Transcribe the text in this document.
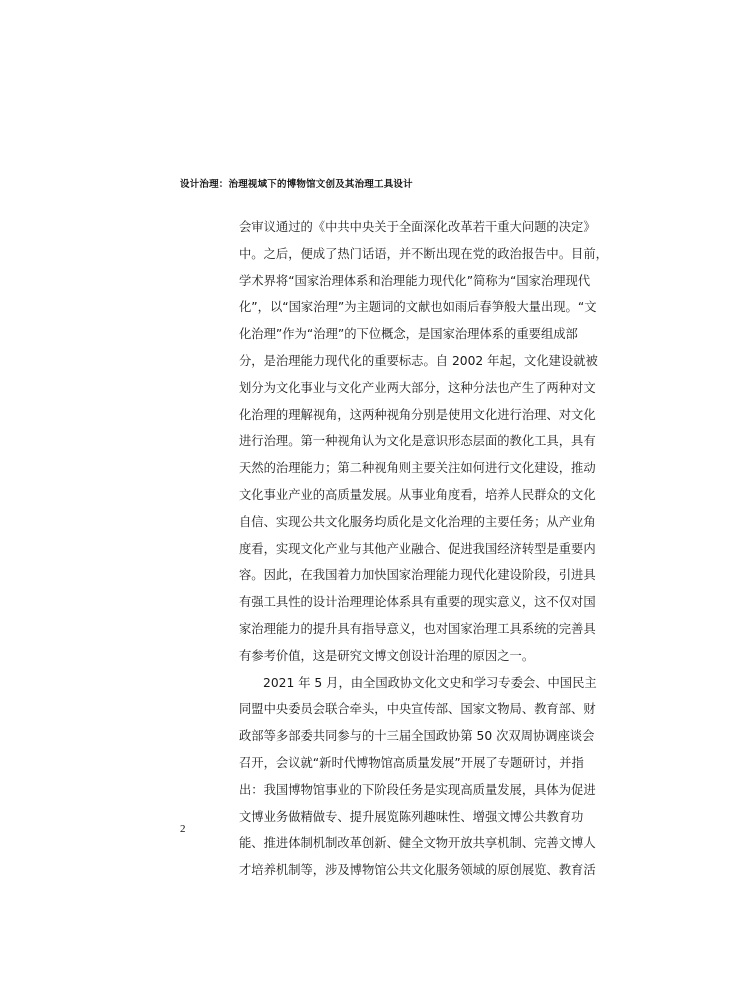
设计治理：治理视域下的博物馆文创及其治理工具设计
会审议通过的《中共中央关于全面深化改革若干重大问题的决定》
中。之后，便成了热门话语，并不断出现在党的政治报告中。目前，
学术界将“国家治理体系和治理能力现代化”简称为“国家治理现代
化”，以“国家治理”为主题词的文献也如雨后春笋般大量出现。“文
化治理”作为“治理”的下位概念，是国家治理体系的重要组成部
分，是治理能力现代化的重要标志。自 2002 年起，文化建设就被
划分为文化事业与文化产业两大部分，这种分法也产生了两种对文
化治理的理解视角，这两种视角分别是使用文化进行治理、对文化
进行治理。第一种视角认为文化是意识形态层面的教化工具，具有
天然的治理能力；第二种视角则主要关注如何进行文化建设，推动
文化事业产业的高质量发展。从事业角度看，培养人民群众的文化
自信、实现公共文化服务均质化是文化治理的主要任务；从产业角
度看，实现文化产业与其他产业融合、促进我国经济转型是重要内
容。因此，在我国着力加快国家治理能力现代化建设阶段，引进具
有强工具性的设计治理理论体系具有重要的现实意义，这不仅对国
家治理能力的提升具有指导意义，也对国家治理工具系统的完善具
有参考价值，这是研究文博文创设计治理的原因之一。
2021 年 5 月，由全国政协文化文史和学习专委会、中国民主
同盟中央委员会联合牵头，中央宣传部、国家文物局、教育部、财
政部等多部委共同参与的十三届全国政协第 50 次双周协调座谈会
召开，会议就“新时代博物馆高质量发展”开展了专题研讨，并指
出：我国博物馆事业的下阶段任务是实现高质量发展，具体为促进
文博业务做精做专、提升展览陈列趣味性、增强文博公共教育功
能、推进体制机制改革创新、健全文物开放共享机制、完善文博人
才培养机制等，涉及博物馆公共文化服务领域的原创展览、教育活
2
